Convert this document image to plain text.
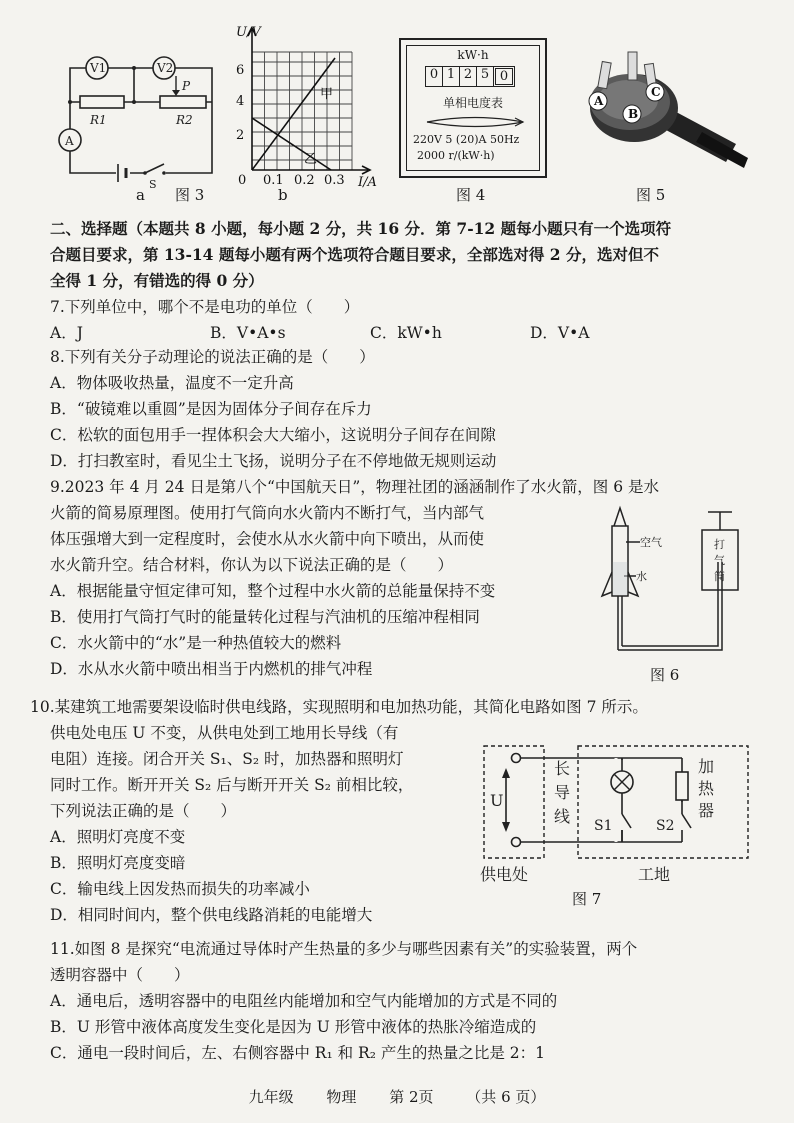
V1	V2
P
R1	R2
A
S
U/V
I/A
2
4
6
0 0.1 0.2 0.3
甲
乙
a 图 3	b
kW·h
0 1 2 5 0
单相电度表
220V 5 (20)A 50Hz
2000 r/(kW·h)
图 4
A
B
C
图 5
二、选择题（本题共 8 小题，每小题 2 分，共 16 分．第 7-12 题每小题只有一个选项符
合题目要求，第 13-14 题每小题有两个选项符合题目要求，全部选对得 2 分，选对但不
全得 1 分，有错选的得 0 分）
7.下列单位中，哪个不是电功的单位（　　）
A．J	B．V•A•s	C．kW•h	D．V•A
8.下列有关分子动理论的说法正确的是（　　）
A．物体吸收热量，温度不一定升高
B．“破镜难以重圆”是因为固体分子间存在斥力
C．松软的面包用手一捏体积会大大缩小，这说明分子间存在间隙
D．打扫教室时，看见尘土飞扬，说明分子在不停地做无规则运动
9.2023 年 4 月 24 日是第八个“中国航天日”，物理社团的涵涵制作了水火箭，图 6 是水
火箭的简易原理图。使用打气筒向水火箭内不断打气，当内部气
体压强增大到一定程度时，会使水从水火箭中向下喷出，从而使
水火箭升空。结合材料，你认为以下说法正确的是（　　）
A．根据能量守恒定律可知，整个过程中水火箭的总能量保持不变
B．使用打气筒打气时的能量转化过程与汽油机的压缩冲程相同
C．水火箭中的“水”是一种热值较大的燃料
D．水从水火箭中喷出相当于内燃机的排气冲程
空气
水
打
气
筒
图 6
10.某建筑工地需要架设临时供电线路，实现照明和电加热功能，其简化电路如图 7 所示。
供电处电压 U 不变，从供电处到工地用长导线（有
电阻）连接。闭合开关 S₁、S₂ 时，加热器和照明灯
同时工作。断开开关 S₂ 后与断开开关 S₂ 前相比较，
下列说法正确的是（　　）
A．照明灯亮度不变
B．照明灯亮度变暗
C．输电线上因发热而损失的功率减小
D．相同时间内，整个供电线路消耗的电能增大
U
长
导
线
加
热
器
S1	S2
供电处	工地
图 7
11.如图 8 是探究“电流通过导体时产生热量的多少与哪些因素有关”的实验装置，两个
透明容器中（　　）
A．通电后，透明容器中的电阻丝内能增加和空气内能增加的方式是不同的
B．U 形管中液体高度发生变化是因为 U 形管中液体的热胀冷缩造成的
C．通电一段时间后，左、右侧容器中 R₁ 和 R₂ 产生的热量之比是 2：1
九年级 物理 第 2页 （共 6 页）
